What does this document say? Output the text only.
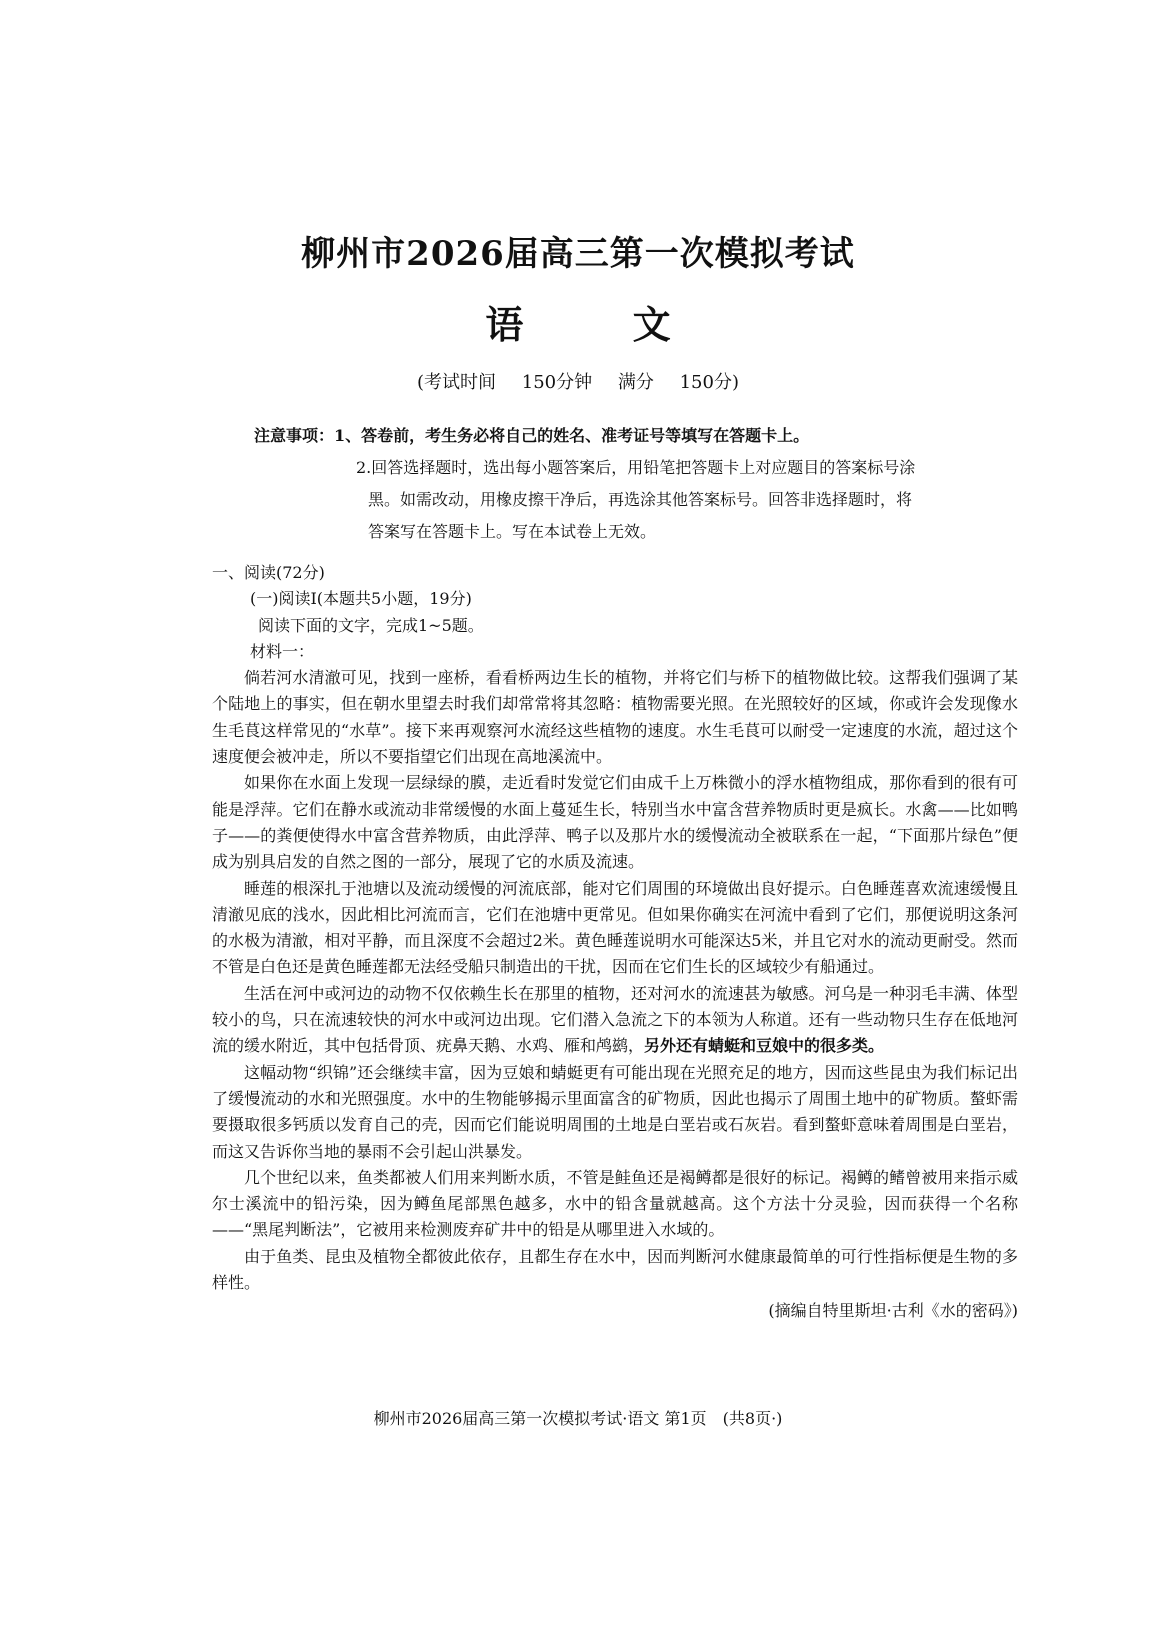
柳州市2026届高三第一次模拟考试
语 文
(考试时间 150分钟 满分 150分)
注意事项：1、答卷前，考生务必将自己的姓名、准考证号等填写在答题卡上。
2.回答选择题时，选出每小题答案后，用铅笔把答题卡上对应题目的答案标号涂
黑。如需改动，用橡皮擦干净后，再选涂其他答案标号。回答非选择题时，将
答案写在答题卡上。写在本试卷上无效。

一、阅读(72分)

(一)阅读Ⅰ(本题共5小题，19分)

阅读下面的文字，完成1~5题。

材料一：

倘若河水清澈可见，找到一座桥，看看桥两边生长的植物，并将它们与桥下的植物做比较。这帮我们强调了某个陆地上的事实，但在朝水里望去时我们却常常将其忽略：植物需要光照。在光照较好的区域，你或许会发现像水生毛茛这样常见的“水草”。接下来再观察河水流经这些植物的速度。水生毛茛可以耐受一定速度的水流，超过这个速度便会被冲走，所以不要指望它们出现在高地溪流中。

如果你在水面上发现一层绿绿的膜，走近看时发觉它们由成千上万株微小的浮水植物组成，那你看到的很有可能是浮萍。它们在静水或流动非常缓慢的水面上蔓延生长，特别当水中富含营养物质时更是疯长。水禽——比如鸭子——的粪便使得水中富含营养物质，由此浮萍、鸭子以及那片水的缓慢流动全被联系在一起，“下面那片绿色”便成为别具启发的自然之图的一部分，展现了它的水质及流速。

睡莲的根深扎于池塘以及流动缓慢的河流底部，能对它们周围的环境做出良好提示。白色睡莲喜欢流速缓慢且清澈见底的浅水，因此相比河流而言，它们在池塘中更常见。但如果你确实在河流中看到了它们，那便说明这条河的水极为清澈，相对平静，而且深度不会超过2米。黄色睡莲说明水可能深达5米，并且它对水的流动更耐受。然而不管是白色还是黄色睡莲都无法经受船只制造出的干扰，因而在它们生长的区域较少有船通过。

生活在河中或河边的动物不仅依赖生长在那里的植物，还对河水的流速甚为敏感。河乌是一种羽毛丰满、体型较小的鸟，只在流速较快的河水中或河边出现。它们潜入急流之下的本领为人称道。还有一些动物只生存在低地河流的缓水附近，其中包括骨顶、疣鼻天鹅、水鸡、雁和鸬鹚，另外还有蜻蜓和豆娘中的很多类。

这幅动物“织锦”还会继续丰富，因为豆娘和蜻蜓更有可能出现在光照充足的地方，因而这些昆虫为我们标记出了缓慢流动的水和光照强度。水中的生物能够揭示里面富含的矿物质，因此也揭示了周围土地中的矿物质。螯虾需要摄取很多钙质以发育自己的壳，因而它们能说明周围的土地是白垩岩或石灰岩。看到螯虾意味着周围是白垩岩，而这又告诉你当地的暴雨不会引起山洪暴发。

几个世纪以来，鱼类都被人们用来判断水质，不管是鲑鱼还是褐鳟都是很好的标记。褐鳟的鳍曾被用来指示威尔士溪流中的铅污染，因为鳟鱼尾部黑色越多，水中的铅含量就越高。这个方法十分灵验，因而获得一个名称——“黑尾判断法”，它被用来检测废弃矿井中的铅是从哪里进入水域的。

由于鱼类、昆虫及植物全都彼此依存，且都生存在水中，因而判断河水健康最简单的可行性指标便是生物的多样性。

(摘编自特里斯坦·古利《水的密码》)

柳州市2026届高三第一次模拟考试·语文 第1页　(共8页·)
